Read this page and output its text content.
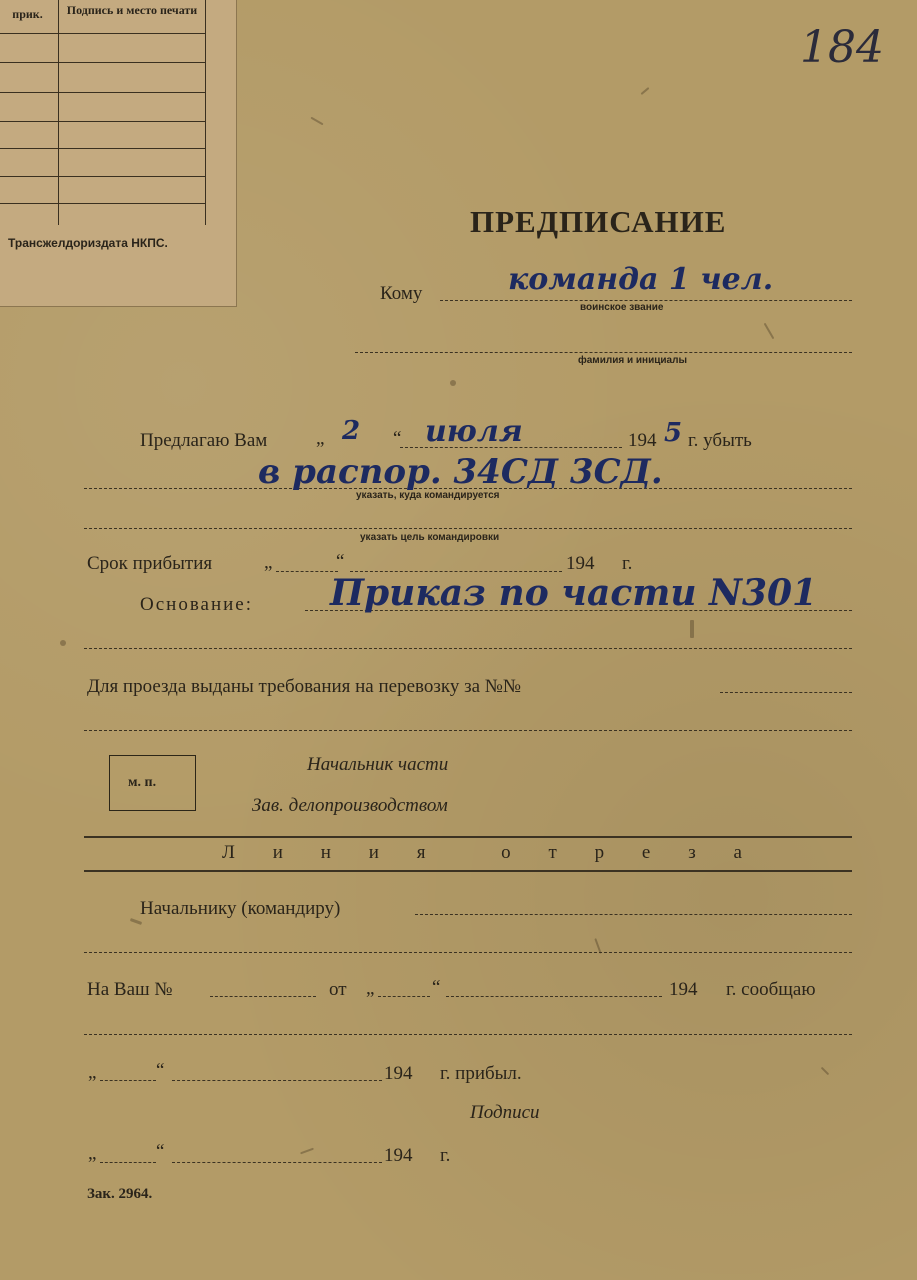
прик.	Подпись и место печати
Трансжелдориздата НКПС.
184
ПРЕДПИСАНИЕ
Кому	команда 1 чел.
воинское звание
фамилия и инициалы
Предлагаю Вам	„ 2 “ июля	194 5 г. убыть
в распор. 34СД 3СД.
указать, куда командируется
указать цель командировки
Срок прибытия	„	“	194 г.
Основание: Приказ по части N301
Для проезда выданы требования на перевозку за №№
м. п.
Начальник части
Зав. делопроизводством
Л и н и я	о т р е з а
Начальнику (командиру)
На Ваш №	от „	“	194 г. сообщаю
„	“	194 г. прибыл.
Подписи
„	“	194 г.
Зак. 2964.
